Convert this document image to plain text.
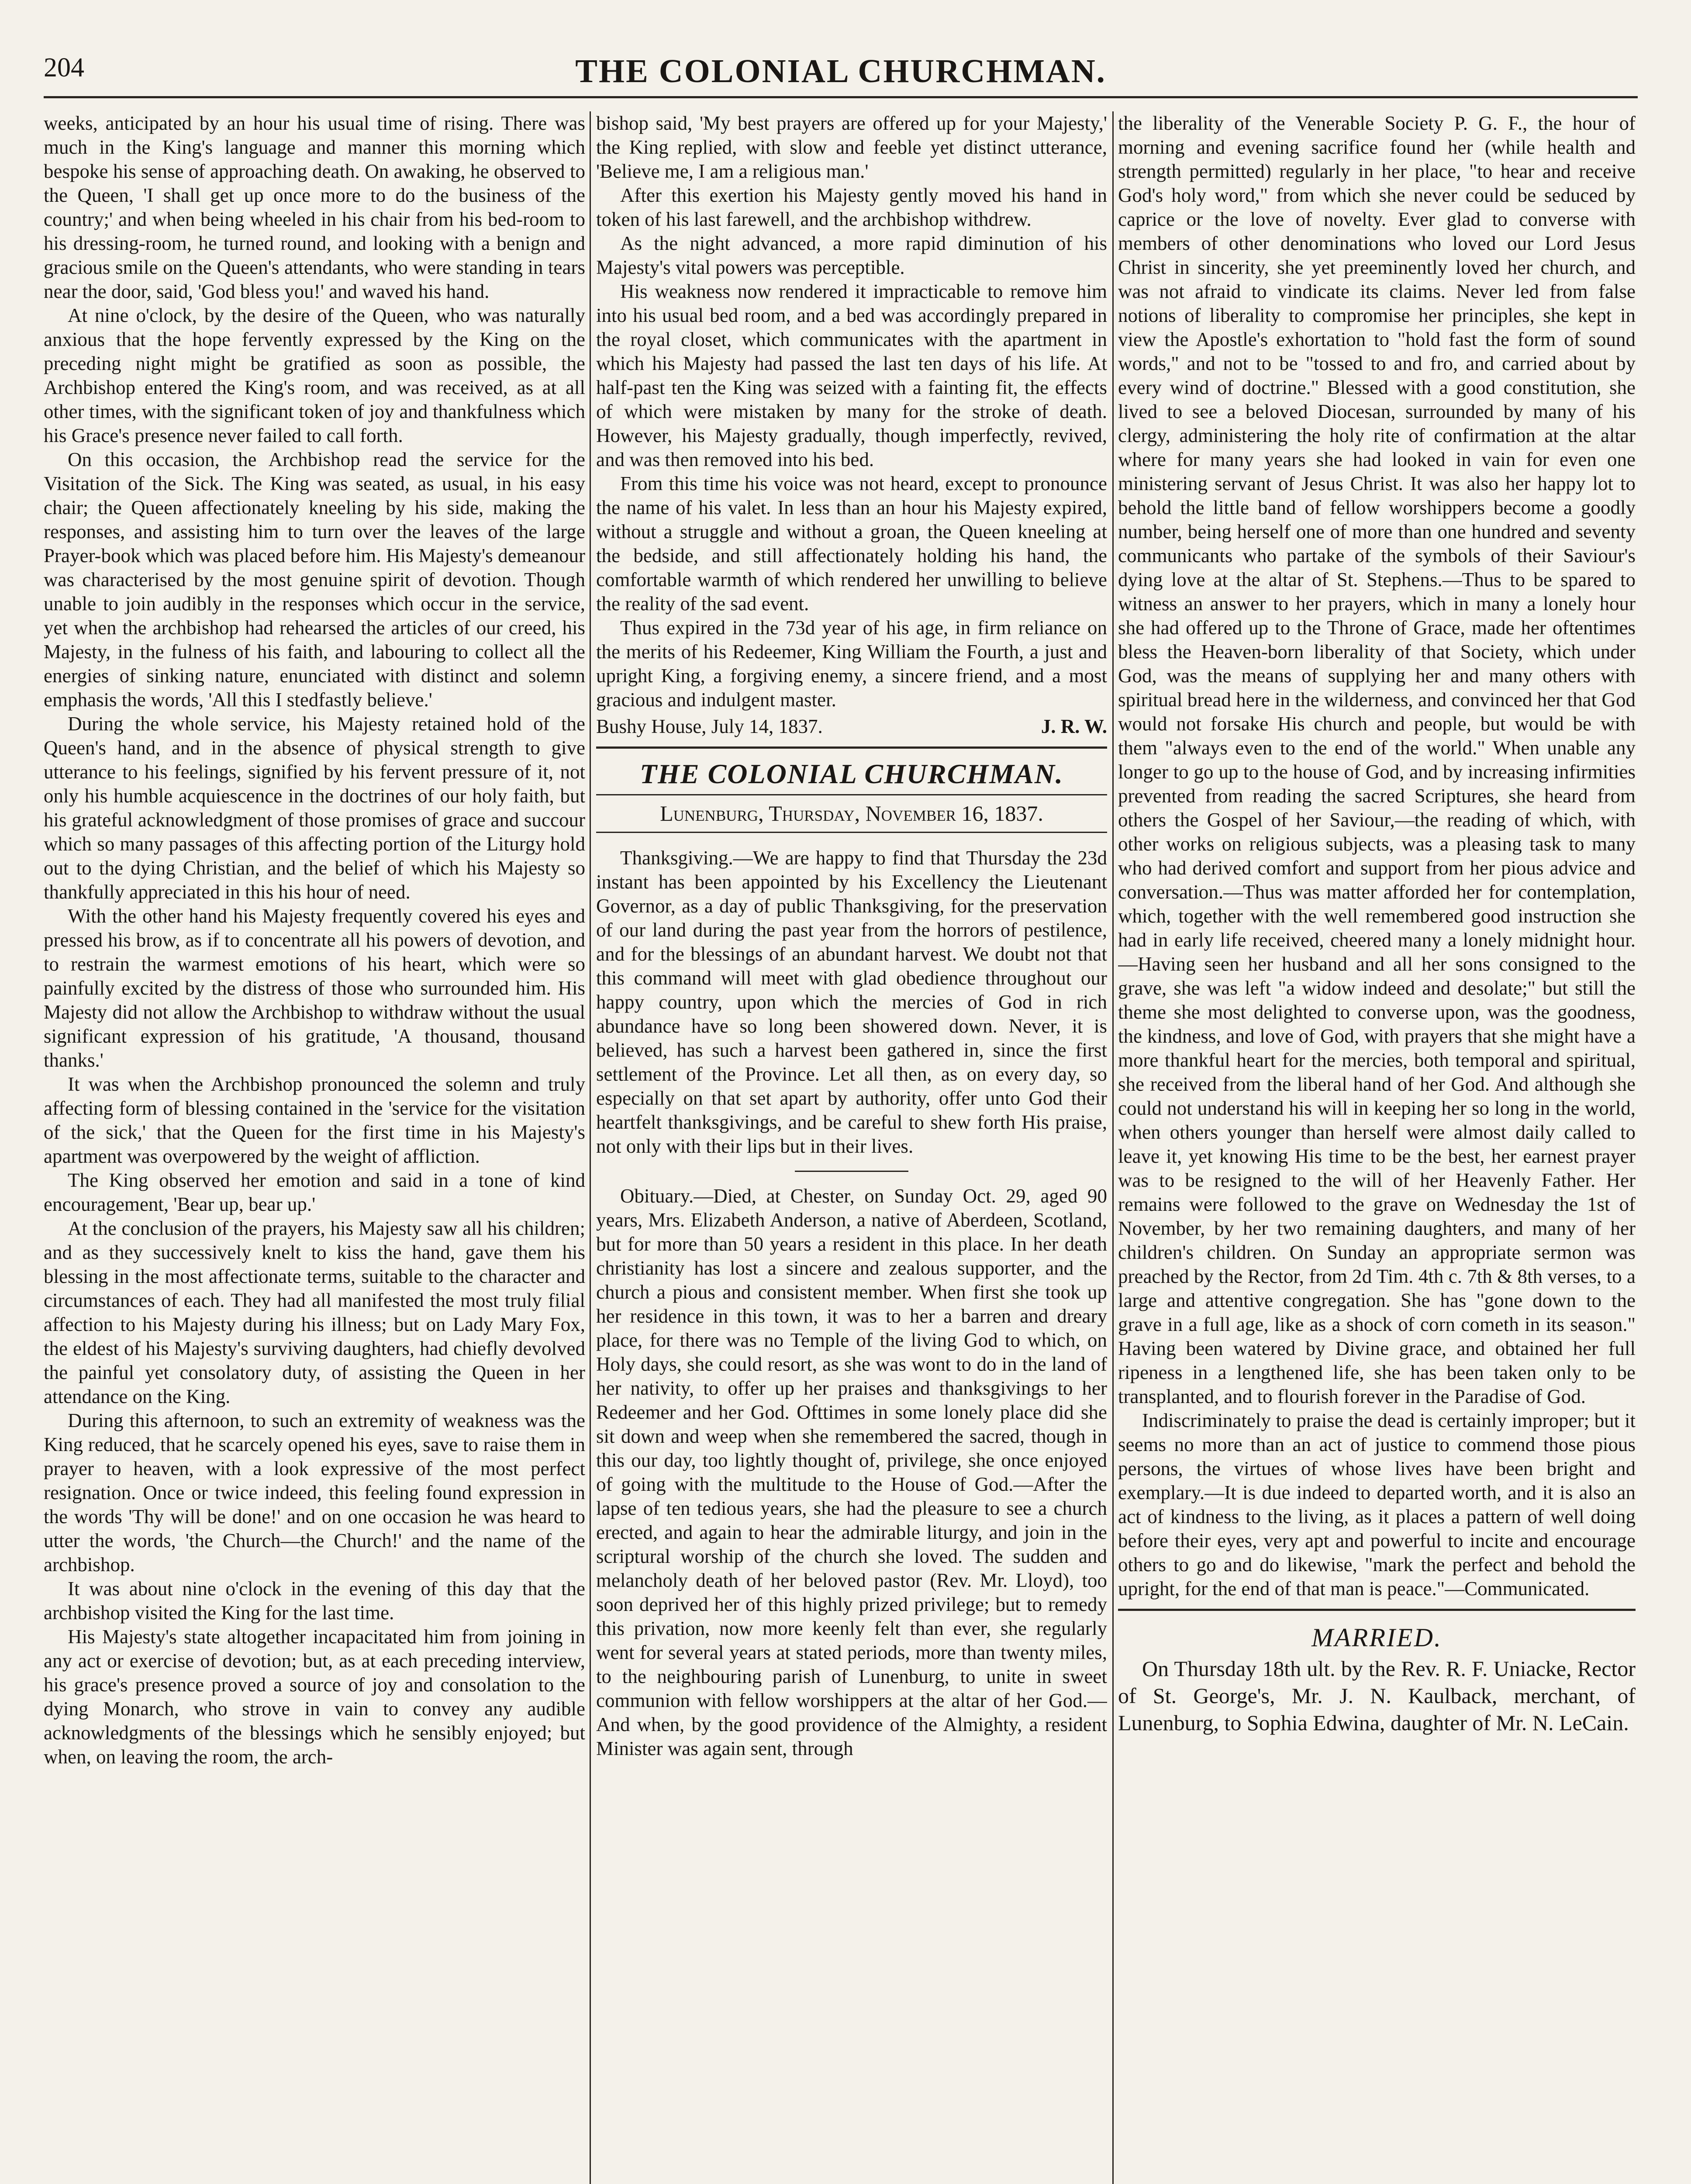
204	THE COLONIAL CHURCHMAN.

weeks, anticipated by an hour his usual time of rising. There was much in the King's language and manner this morning which bespoke his sense of approaching death. On awaking, he observed to the Queen, 'I shall get up once more to do the business of the country;' and when being wheeled in his chair from his bed-room to his dressing-room, he turned round, and looking with a benign and gracious smile on the Queen's attendants, who were standing in tears near the door, said, 'God bless you!' and waved his hand.

At nine o'clock, by the desire of the Queen, who was naturally anxious that the hope fervently expressed by the King on the preceding night might be gratified as soon as possible, the Archbishop entered the King's room, and was received, as at all other times, with the significant token of joy and thankfulness which his Grace's presence never failed to call forth.

On this occasion, the Archbishop read the service for the Visitation of the Sick. The King was seated, as usual, in his easy chair; the Queen affectionately kneeling by his side, making the responses, and assisting him to turn over the leaves of the large Prayer-book which was placed before him. His Majesty's demeanour was characterised by the most genuine spirit of devotion. Though unable to join audibly in the responses which occur in the service, yet when the archbishop had rehearsed the articles of our creed, his Majesty, in the fulness of his faith, and labouring to collect all the energies of sinking nature, enunciated with distinct and solemn emphasis the words, 'All this I stedfastly believe.'

During the whole service, his Majesty retained hold of the Queen's hand, and in the absence of physical strength to give utterance to his feelings, signified by his fervent pressure of it, not only his humble acquiescence in the doctrines of our holy faith, but his grateful acknowledgment of those promises of grace and succour which so many passages of this affecting portion of the Liturgy hold out to the dying Christian, and the belief of which his Majesty so thankfully appreciated in this his hour of need.

With the other hand his Majesty frequently covered his eyes and pressed his brow, as if to concentrate all his powers of devotion, and to restrain the warmest emotions of his heart, which were so painfully excited by the distress of those who surrounded him. His Majesty did not allow the Archbishop to withdraw without the usual significant expression of his gratitude, 'A thousand, thousand thanks.'

It was when the Archbishop pronounced the solemn and truly affecting form of blessing contained in the 'service for the visitation of the sick,' that the Queen for the first time in his Majesty's apartment was overpowered by the weight of affliction.

The King observed her emotion and said in a tone of kind encouragement, 'Bear up, bear up.'

At the conclusion of the prayers, his Majesty saw all his children; and as they successively knelt to kiss the hand, gave them his blessing in the most affectionate terms, suitable to the character and circumstances of each. They had all manifested the most truly filial affection to his Majesty during his illness; but on Lady Mary Fox, the eldest of his Majesty's surviving daughters, had chiefly devolved the painful yet consolatory duty, of assisting the Queen in her attendance on the King.

During this afternoon, to such an extremity of weakness was the King reduced, that he scarcely opened his eyes, save to raise them in prayer to heaven, with a look expressive of the most perfect resignation. Once or twice indeed, this feeling found expression in the words 'Thy will be done!' and on one occasion he was heard to utter the words, 'the Church—the Church!' and the name of the archbishop.

It was about nine o'clock in the evening of this day that the archbishop visited the King for the last time.

His Majesty's state altogether incapacitated him from joining in any act or exercise of devotion; but, as at each preceding interview, his grace's presence proved a source of joy and consolation to the dying Monarch, who strove in vain to convey any audible acknowledgments of the blessings which he sensibly enjoyed; but when, on leaving the room, the arch-

bishop said, 'My best prayers are offered up for your Majesty,' the King replied, with slow and feeble yet distinct utterance, 'Believe me, I am a religious man.'

After this exertion his Majesty gently moved his hand in token of his last farewell, and the archbishop withdrew.

As the night advanced, a more rapid diminution of his Majesty's vital powers was perceptible.

His weakness now rendered it impracticable to remove him into his usual bed room, and a bed was accordingly prepared in the royal closet, which communicates with the apartment in which his Majesty had passed the last ten days of his life. At half-past ten the King was seized with a fainting fit, the effects of which were mistaken by many for the stroke of death. However, his Majesty gradually, though imperfectly, revived, and was then removed into his bed.

From this time his voice was not heard, except to pronounce the name of his valet. In less than an hour his Majesty expired, without a struggle and without a groan, the Queen kneeling at the bedside, and still affectionately holding his hand, the comfortable warmth of which rendered her unwilling to believe the reality of the sad event.

Thus expired in the 73d year of his age, in firm reliance on the merits of his Redeemer, King William the Fourth, a just and upright King, a forgiving enemy, a sincere friend, and a most gracious and indulgent master.

Bushy House, July 14, 1837.	J. R. W.
THE COLONIAL CHURCHMAN.
Lunenburg, Thursday, November 16, 1837.

Thanksgiving.—We are happy to find that Thursday the 23d instant has been appointed by his Excellency the Lieutenant Governor, as a day of public Thanksgiving, for the preservation of our land during the past year from the horrors of pestilence, and for the blessings of an abundant harvest. We doubt not that this command will meet with glad obedience throughout our happy country, upon which the mercies of God in rich abundance have so long been showered down. Never, it is believed, has such a harvest been gathered in, since the first settlement of the Province. Let all then, as on every day, so especially on that set apart by authority, offer unto God their heartfelt thanksgivings, and be careful to shew forth His praise, not only with their lips but in their lives.

Obituary.—Died, at Chester, on Sunday Oct. 29, aged 90 years, Mrs. Elizabeth Anderson, a native of Aberdeen, Scotland, but for more than 50 years a resident in this place. In her death christianity has lost a sincere and zealous supporter, and the church a pious and consistent member. When first she took up her residence in this town, it was to her a barren and dreary place, for there was no Temple of the living God to which, on Holy days, she could resort, as she was wont to do in the land of her nativity, to offer up her praises and thanksgivings to her Redeemer and her God. Ofttimes in some lonely place did she sit down and weep when she remembered the sacred, though in this our day, too lightly thought of, privilege, she once enjoyed of going with the multitude to the House of God.—After the lapse of ten tedious years, she had the pleasure to see a church erected, and again to hear the admirable liturgy, and join in the scriptural worship of the church she loved. The sudden and melancholy death of her beloved pastor (Rev. Mr. Lloyd), too soon deprived her of this highly prized privilege; but to remedy this privation, now more keenly felt than ever, she regularly went for several years at stated periods, more than twenty miles, to the neighbouring parish of Lunenburg, to unite in sweet communion with fellow worshippers at the altar of her God.—And when, by the good providence of the Almighty, a resident Minister was again sent, through

the liberality of the Venerable Society P. G. F., the hour of morning and evening sacrifice found her (while health and strength permitted) regularly in her place, "to hear and receive God's holy word," from which she never could be seduced by caprice or the love of novelty. Ever glad to converse with members of other denominations who loved our Lord Jesus Christ in sincerity, she yet preeminently loved her church, and was not afraid to vindicate its claims. Never led from false notions of liberality to compromise her principles, she kept in view the Apostle's exhortation to "hold fast the form of sound words," and not to be "tossed to and fro, and carried about by every wind of doctrine." Blessed with a good constitution, she lived to see a beloved Diocesan, surrounded by many of his clergy, administering the holy rite of confirmation at the altar where for many years she had looked in vain for even one ministering servant of Jesus Christ. It was also her happy lot to behold the little band of fellow worshippers become a goodly number, being herself one of more than one hundred and seventy communicants who partake of the symbols of their Saviour's dying love at the altar of St. Stephens.—Thus to be spared to witness an answer to her prayers, which in many a lonely hour she had offered up to the Throne of Grace, made her oftentimes bless the Heaven-born liberality of that Society, which under God, was the means of supplying her and many others with spiritual bread here in the wilderness, and convinced her that God would not forsake His church and people, but would be with them "always even to the end of the world." When unable any longer to go up to the house of God, and by increasing infirmities prevented from reading the sacred Scriptures, she heard from others the Gospel of her Saviour,—the reading of which, with other works on religious subjects, was a pleasing task to many who had derived comfort and support from her pious advice and conversation.—Thus was matter afforded her for contemplation, which, together with the well remembered good instruction she had in early life received, cheered many a lonely midnight hour.—Having seen her husband and all her sons consigned to the grave, she was left "a widow indeed and desolate;" but still the theme she most delighted to converse upon, was the goodness, the kindness, and love of God, with prayers that she might have a more thankful heart for the mercies, both temporal and spiritual, she received from the liberal hand of her God. And although she could not understand his will in keeping her so long in the world, when others younger than herself were almost daily called to leave it, yet knowing His time to be the best, her earnest prayer was to be resigned to the will of her Heavenly Father. Her remains were followed to the grave on Wednesday the 1st of November, by her two remaining daughters, and many of her children's children. On Sunday an appropriate sermon was preached by the Rector, from 2d Tim. 4th c. 7th & 8th verses, to a large and attentive congregation. She has "gone down to the grave in a full age, like as a shock of corn cometh in its season." Having been watered by Divine grace, and obtained her full ripeness in a lengthened life, she has been taken only to be transplanted, and to flourish forever in the Paradise of God.

Indiscriminately to praise the dead is certainly improper; but it seems no more than an act of justice to commend those pious persons, the virtues of whose lives have been bright and exemplary.—It is due indeed to departed worth, and it is also an act of kindness to the living, as it places a pattern of well doing before their eyes, very apt and powerful to incite and encourage others to go and do likewise, "mark the perfect and behold the upright, for the end of that man is peace."—Communicated.

MARRIED.

On Thursday 18th ult. by the Rev. R. F. Uniacke, Rector of St. George's, Mr. J. N. Kaulback, merchant, of Lunenburg, to Sophia Edwina, daughter of Mr. N. LeCain.
